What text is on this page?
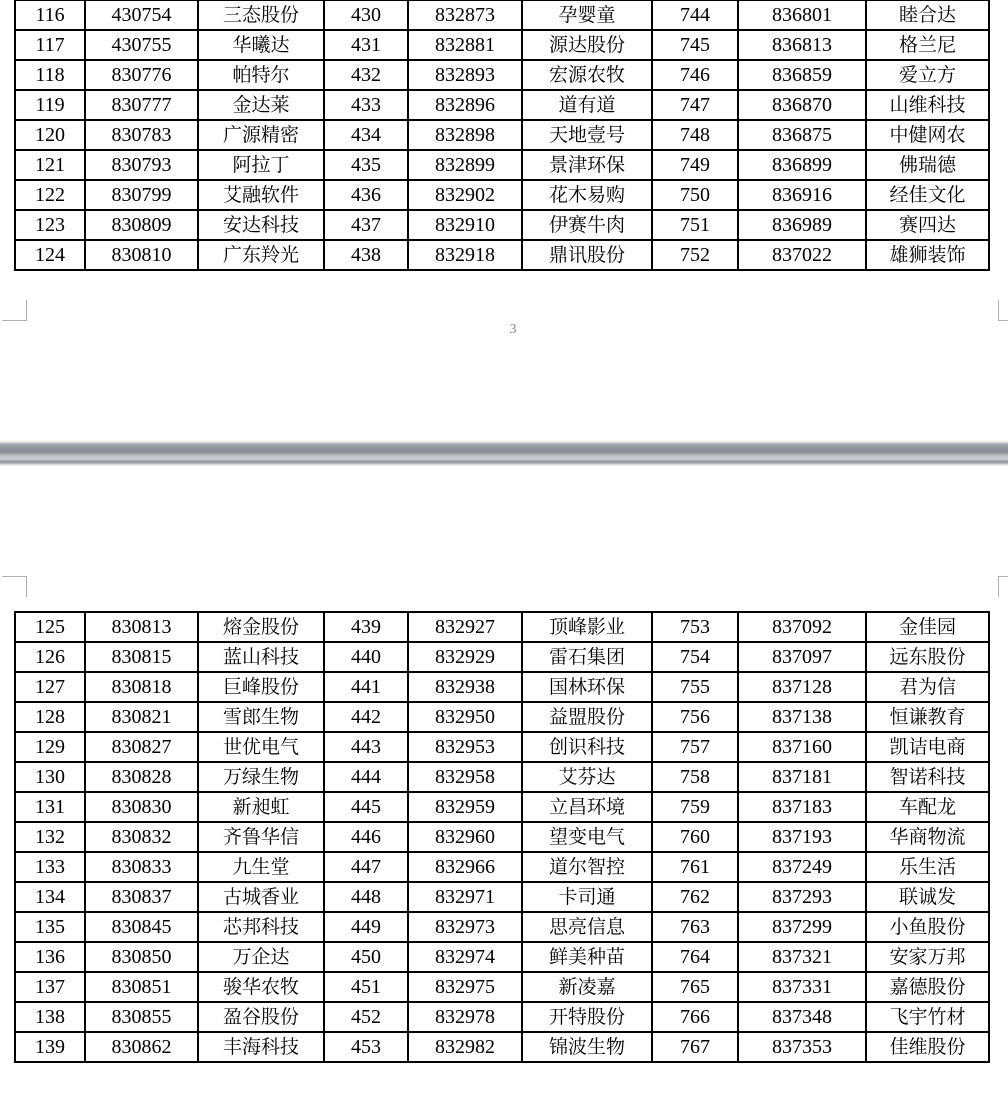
116	430754	三态股份	430	832873	孕婴童	744	836801	睦合达
117	430755	华曦达	431	832881	源达股份	745	836813	格兰尼
118	830776	帕特尔	432	832893	宏源农牧	746	836859	爱立方
119	830777	金达莱	433	832896	道有道	747	836870	山维科技
120	830783	广源精密	434	832898	天地壹号	748	836875	中健网农
121	830793	阿拉丁	435	832899	景津环保	749	836899	佛瑞德
122	830799	艾融软件	436	832902	花木易购	750	836916	经佳文化
123	830809	安达科技	437	832910	伊赛牛肉	751	836989	赛四达
124	830810	广东羚光	438	832918	鼎讯股份	752	837022	雄狮装饰
3
125	830813	熔金股份	439	832927	顶峰影业	753	837092	金佳园
126	830815	蓝山科技	440	832929	雷石集团	754	837097	远东股份
127	830818	巨峰股份	441	832938	国林环保	755	837128	君为信
128	830821	雪郎生物	442	832950	益盟股份	756	837138	恒谦教育
129	830827	世优电气	443	832953	创识科技	757	837160	凯诘电商
130	830828	万绿生物	444	832958	艾芬达	758	837181	智诺科技
131	830830	新昶虹	445	832959	立昌环境	759	837183	车配龙
132	830832	齐鲁华信	446	832960	望变电气	760	837193	华商物流
133	830833	九生堂	447	832966	道尔智控	761	837249	乐生活
134	830837	古城香业	448	832971	卡司通	762	837293	联诚发
135	830845	芯邦科技	449	832973	思亮信息	763	837299	小鱼股份
136	830850	万企达	450	832974	鲜美种苗	764	837321	安家万邦
137	830851	骏华农牧	451	832975	新凌嘉	765	837331	嘉德股份
138	830855	盈谷股份	452	832978	开特股份	766	837348	飞宇竹材
139	830862	丰海科技	453	832982	锦波生物	767	837353	佳维股份
